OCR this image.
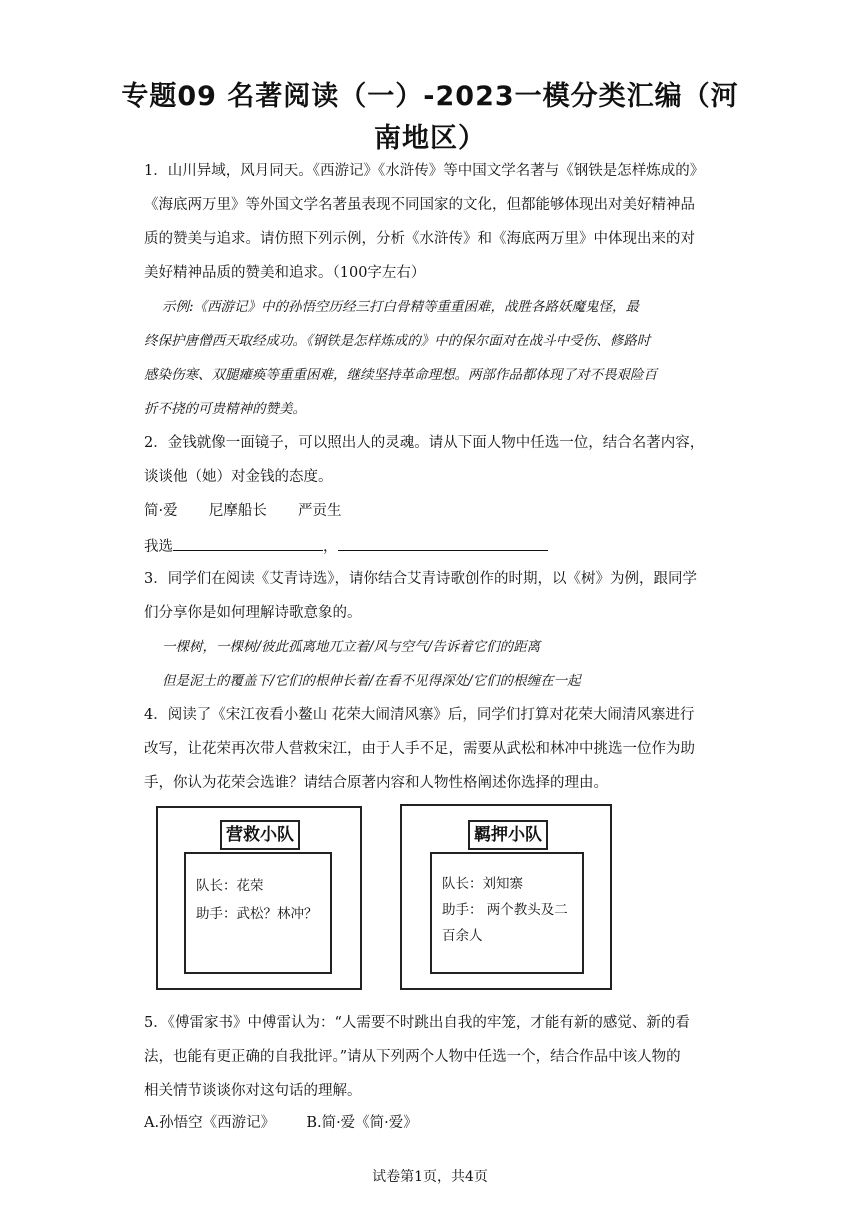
专题09 名著阅读（一）-2023一模分类汇编（河
南地区）
1．山川异域，风月同天。《西游记》《水浒传》等中国文学名著与《钢铁是怎样炼成的》
《海底两万里》等外国文学名著虽表现不同国家的文化，但都能够体现出对美好精神品
质的赞美与追求。请仿照下列示例，分析《水浒传》和《海底两万里》中体现出来的对
美好精神品质的赞美和追求。（100字左右）
示例:《西游记》中的孙悟空历经三打白骨精等重重困难，战胜各路妖魔鬼怪，最
终保护唐僧西天取经成功。《钢铁是怎样炼成的》中的保尔面对在战斗中受伤、修路时
感染伤寒、双腿瘫痪等重重困难，继续坚持革命理想。两部作品都体现了对不畏艰险百
折不挠的可贵精神的赞美。
2．金钱就像一面镜子，可以照出人的灵魂。请从下面人物中任选一位，结合名著内容，
谈谈他（她）对金钱的态度。
简·爱 尼摩船长 严贡生
我选	，
3．同学们在阅读《艾青诗选》，请你结合艾青诗歌创作的时期，以《树》为例，跟同学
们分享你是如何理解诗歌意象的。
一棵树，一棵树/彼此孤离地兀立着/风与空气/告诉着它们的距离
但是泥土的覆盖下/它们的根伸长着/在看不见得深处/它们的根缠在一起
4．阅读了《宋江夜看小鳌山 花荣大闹清风寨》后，同学们打算对花荣大闹清风寨进行
改写，让花荣再次带人营救宋江，由于人手不足，需要从武松和林冲中挑选一位作为助
手，你认为花荣会选谁？请结合原著内容和人物性格阐述你选择的理由。
营救小队
队长：花荣
助手：武松？林冲？
羁押小队
队长：刘知寨
助手： 两个教头及二
百余人
5．《傅雷家书》中傅雷认为：“人需要不时跳出自我的牢笼，才能有新的感觉、新的看
法，也能有更正确的自我批评。”请从下列两个人物中任选一个，结合作品中该人物的
相关情节谈谈你对这句话的理解。
A.孙悟空《西游记》 B.简·爱《简·爱》
试卷第1页，共4页
